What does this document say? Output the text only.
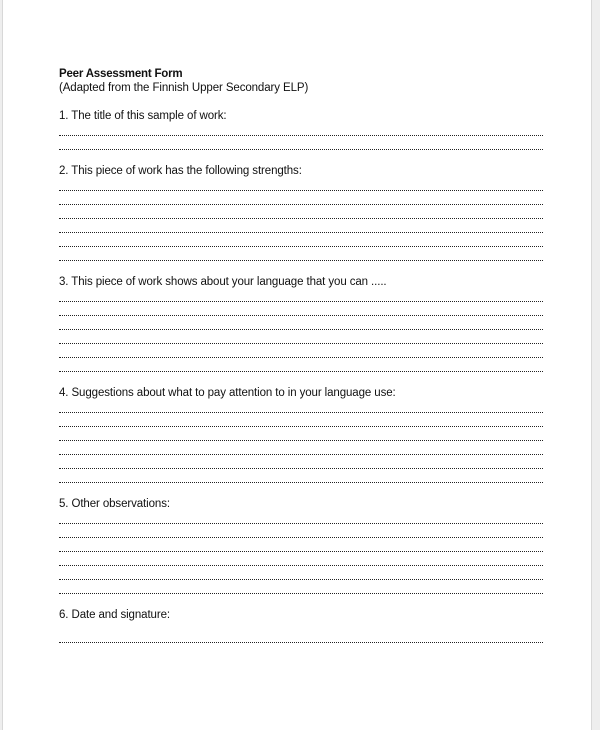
Peer Assessment Form
(Adapted from the Finnish Upper Secondary ELP)
1. The title of this sample of work:
2. This piece of work has the following strengths:
3. This piece of work shows about your language that you can .....
4. Suggestions about what to pay attention to in your language use:
5. Other observations:
6. Date and signature:
